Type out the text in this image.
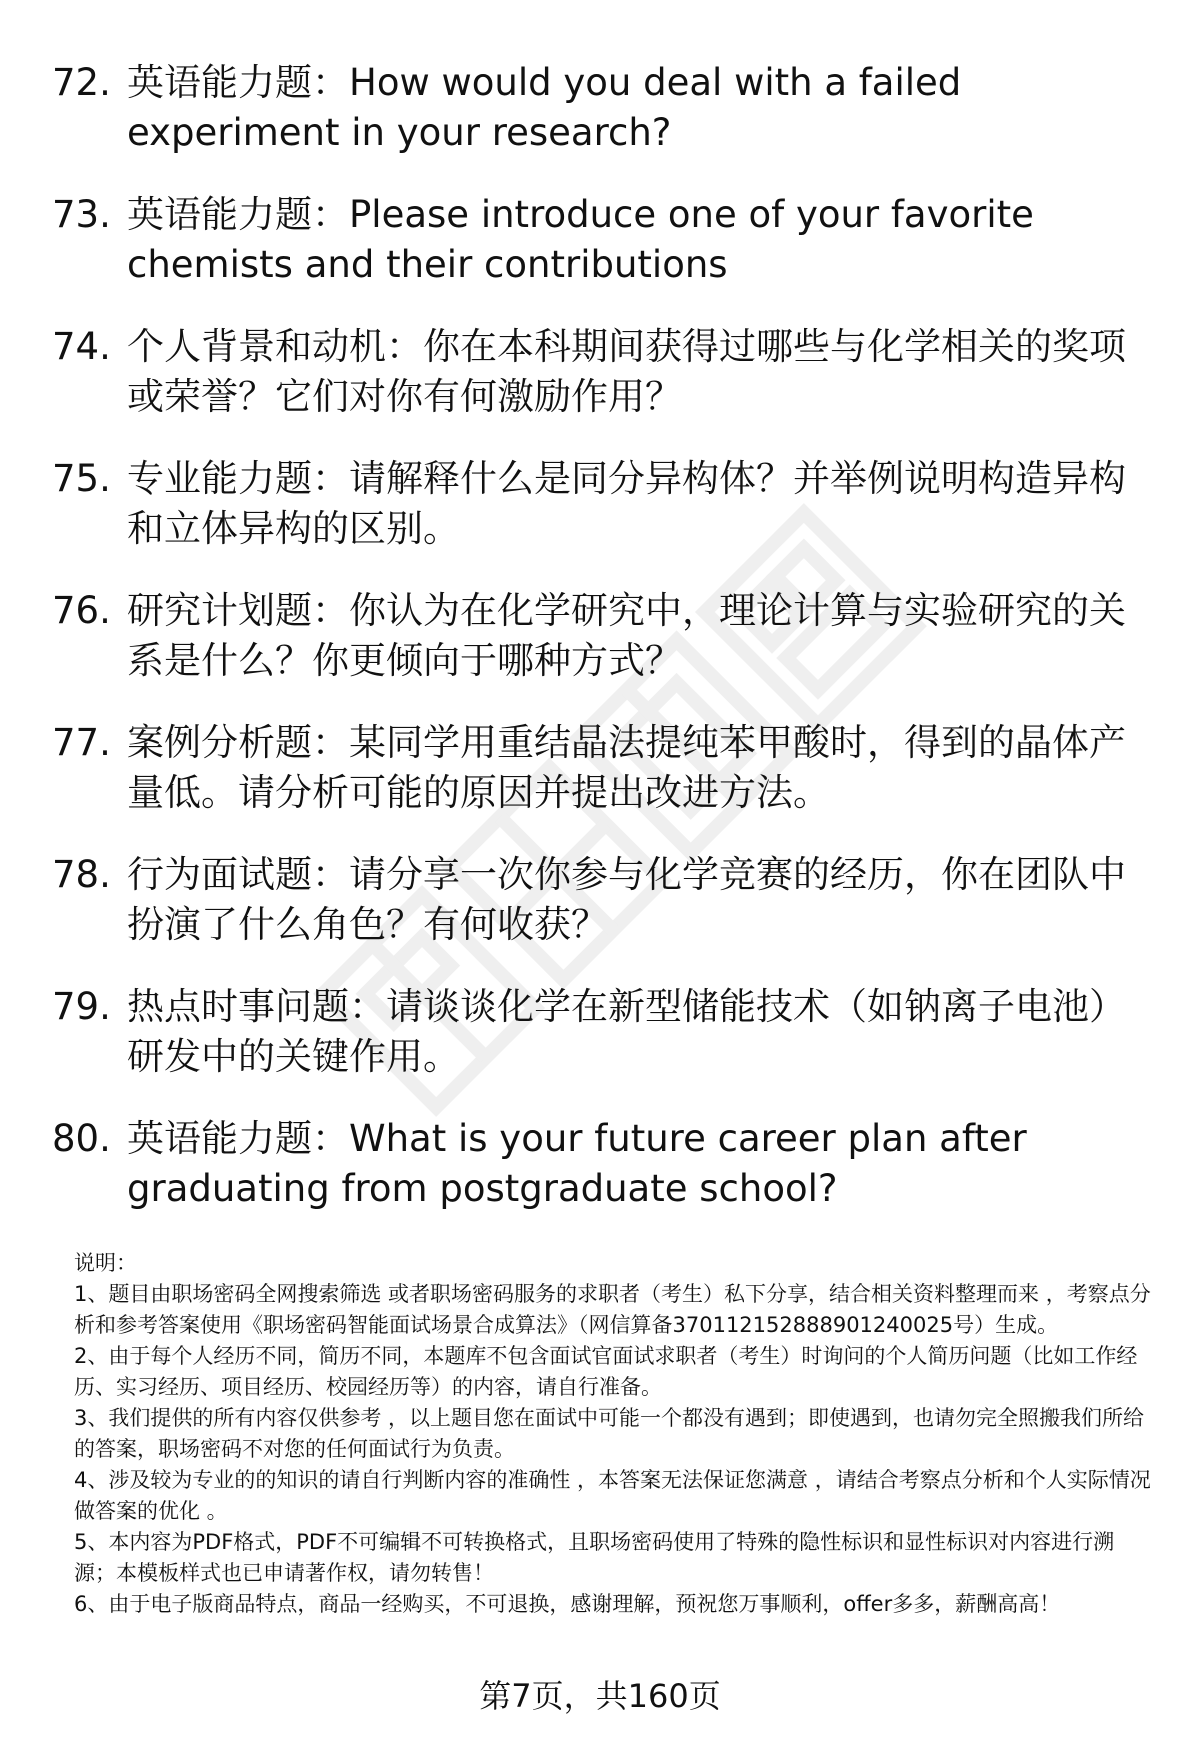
72. 英语能力题：How would you deal with a failed experiment in your research?
73. 英语能力题：Please introduce one of your favorite chemists and their contributions
74. 个人背景和动机：你在本科期间获得过哪些与化学相关的奖项或荣誉？它们对你有何激励作用？
75. 专业能力题：请解释什么是同分异构体？并举例说明构造异构和立体异构的区别。
76. 研究计划题：你认为在化学研究中，理论计算与实验研究的关系是什么？你更倾向于哪种方式？
77. 案例分析题：某同学用重结晶法提纯苯甲酸时，得到的晶体产量低。请分析可能的原因并提出改进方法。
78. 行为面试题：请分享一次你参与化学竞赛的经历，你在团队中扮演了什么角色？有何收获？
79. 热点时事问题：请谈谈化学在新型储能技术（如钠离子电池）研发中的关键作用。
80. 英语能力题：What is your future career plan after graduating from postgraduate school?

说明：

1、题目由职场密码全网搜索筛选 或者职场密码服务的求职者（考生）私下分享，结合相关资料整理而来 ，考察点分析和参考答案使用《职场密码智能面试场景合成算法》（网信算备370112152888901240025号）生成。

2、由于每个人经历不同，简历不同，本题库不包含面试官面试求职者（考生）时询问的个人简历问题（比如工作经历、实习经历、项目经历、校园经历等）的内容，请自行准备。

3、我们提供的所有内容仅供参考 ，以上题目您在面试中可能一个都没有遇到；即使遇到，也请勿完全照搬我们所给的答案，职场密码不对您的任何面试行为负责。

4、涉及较为专业的的知识的请自行判断内容的准确性 ，本答案无法保证您满意 ，请结合考察点分析和个人实际情况做答案的优化 。

5、本内容为PDF格式，PDF不可编辑不可转换格式，且职场密码使用了特殊的隐性标识和显性标识对内容进行溯源；本模板样式也已申请著作权，请勿转售！

6、由于电子版商品特点，商品一经购买，不可退换，感谢理解，预祝您万事顺利，offer多多，薪酬高高！

第7页，共160页
